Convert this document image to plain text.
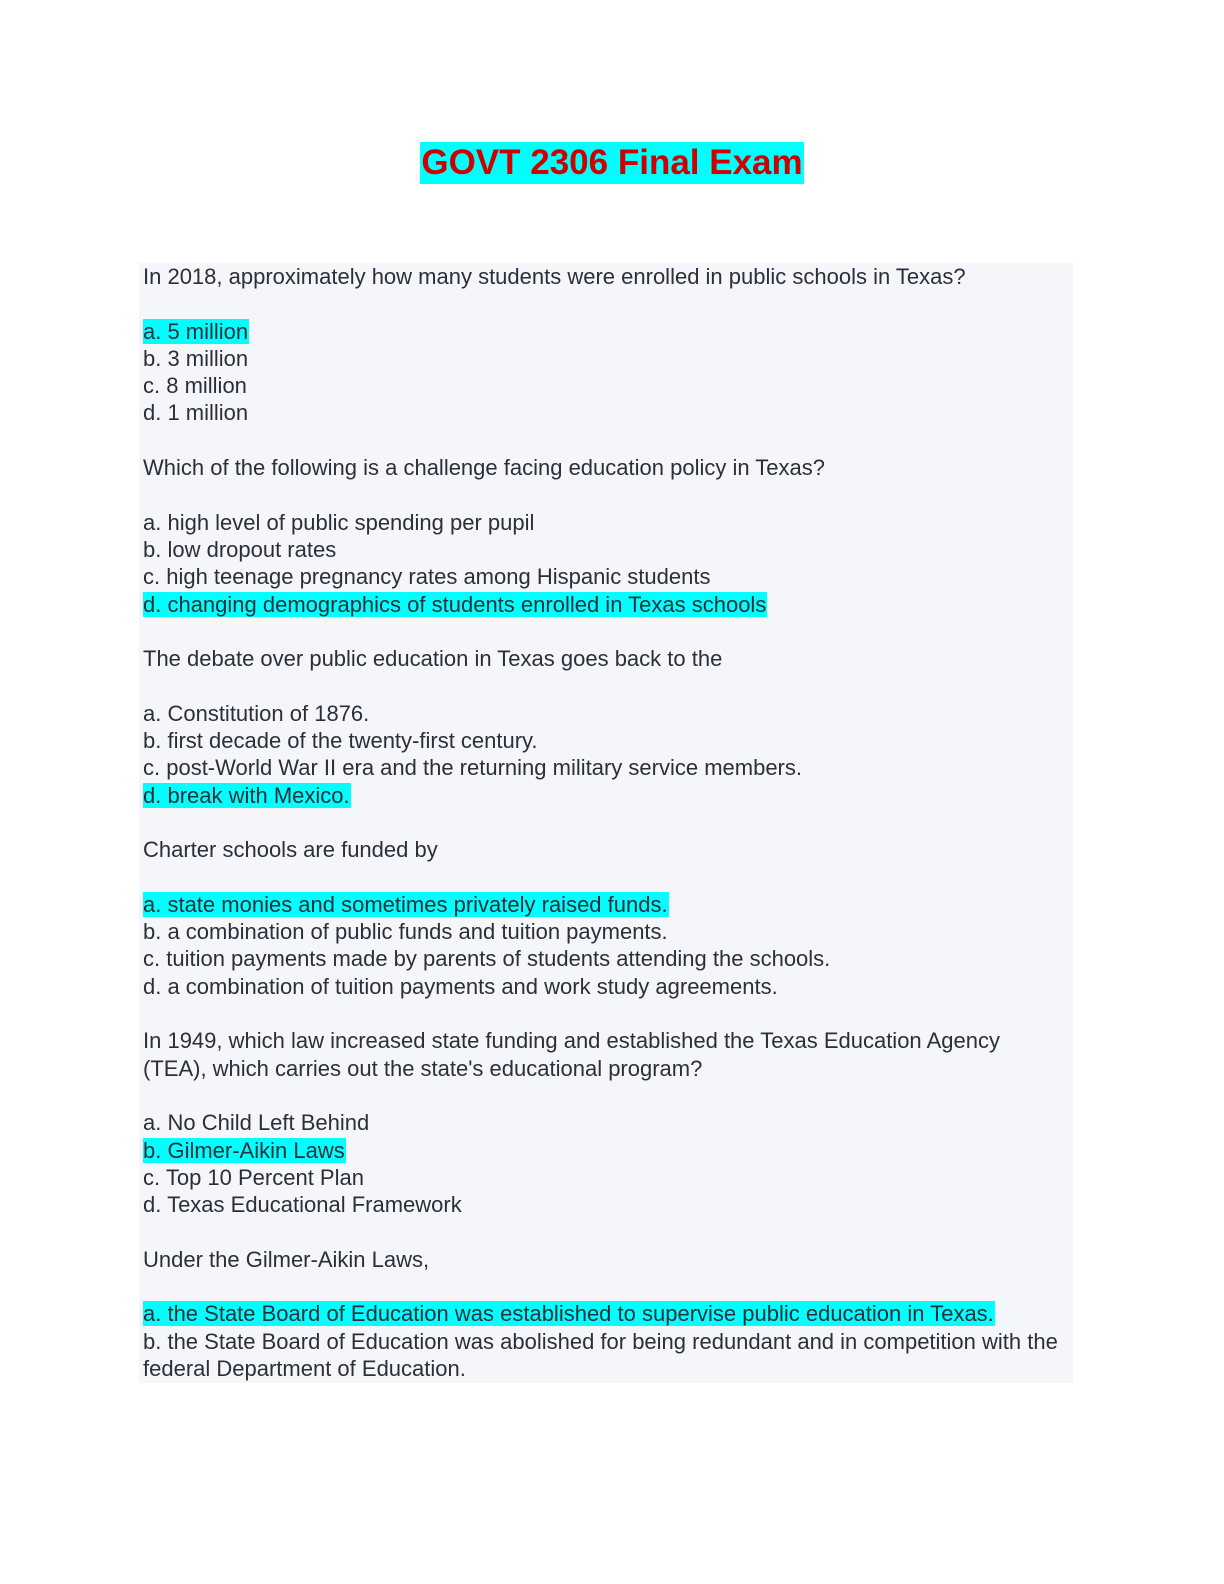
GOVT 2306 Final Exam

In 2018, approximately how many students were enrolled in public schools in Texas?

a. 5 million
b. 3 million
c. 8 million
d. 1 million

Which of the following is a challenge facing education policy in Texas?

a. high level of public spending per pupil
b. low dropout rates
c. high teenage pregnancy rates among Hispanic students
d. changing demographics of students enrolled in Texas schools

The debate over public education in Texas goes back to the

a. Constitution of 1876.
b. first decade of the twenty-first century.
c. post-World War II era and the returning military service members.
d. break with Mexico.

Charter schools are funded by

a. state monies and sometimes privately raised funds.
b. a combination of public funds and tuition payments.
c. tuition payments made by parents of students attending the schools.
d. a combination of tuition payments and work study agreements.

In 1949, which law increased state funding and established the Texas Education Agency (TEA), which carries out the state's educational program?

a. No Child Left Behind
b. Gilmer-Aikin Laws
c. Top 10 Percent Plan
d. Texas Educational Framework

Under the Gilmer-Aikin Laws,

a. the State Board of Education was established to supervise public education in Texas.
b. the State Board of Education was abolished for being redundant and in competition with the federal Department of Education.
